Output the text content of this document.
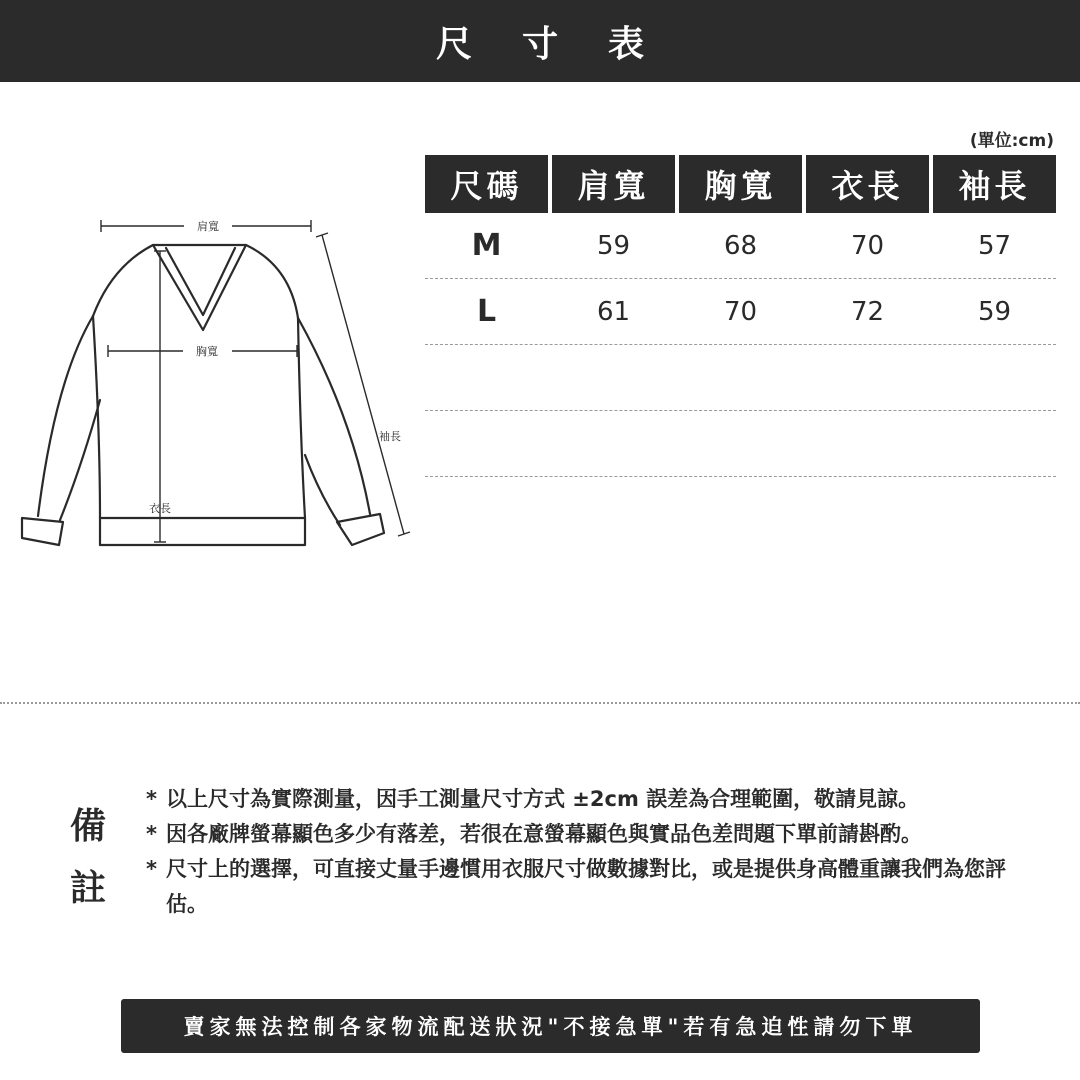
尺寸表
(單位:cm)
尺碼	肩寬	胸寬	衣長	袖長
M	59	68	70	57
L	61	70	72	59
肩寬
胸寬
袖長
衣長
備註
* 以上尺寸為實際測量，因手工測量尺寸方式 ±2cm 誤差為合理範圍，敬請見諒。
* 因各廠牌螢幕顯色多少有落差，若很在意螢幕顯色與實品色差問題下單前請斟酌。
* 尺寸上的選擇，可直接丈量手邊慣用衣服尺寸做數據對比，或是提供身高體重讓我們為您評估。
賣家無法控制各家物流配送狀況"不接急單"若有急迫性請勿下單
